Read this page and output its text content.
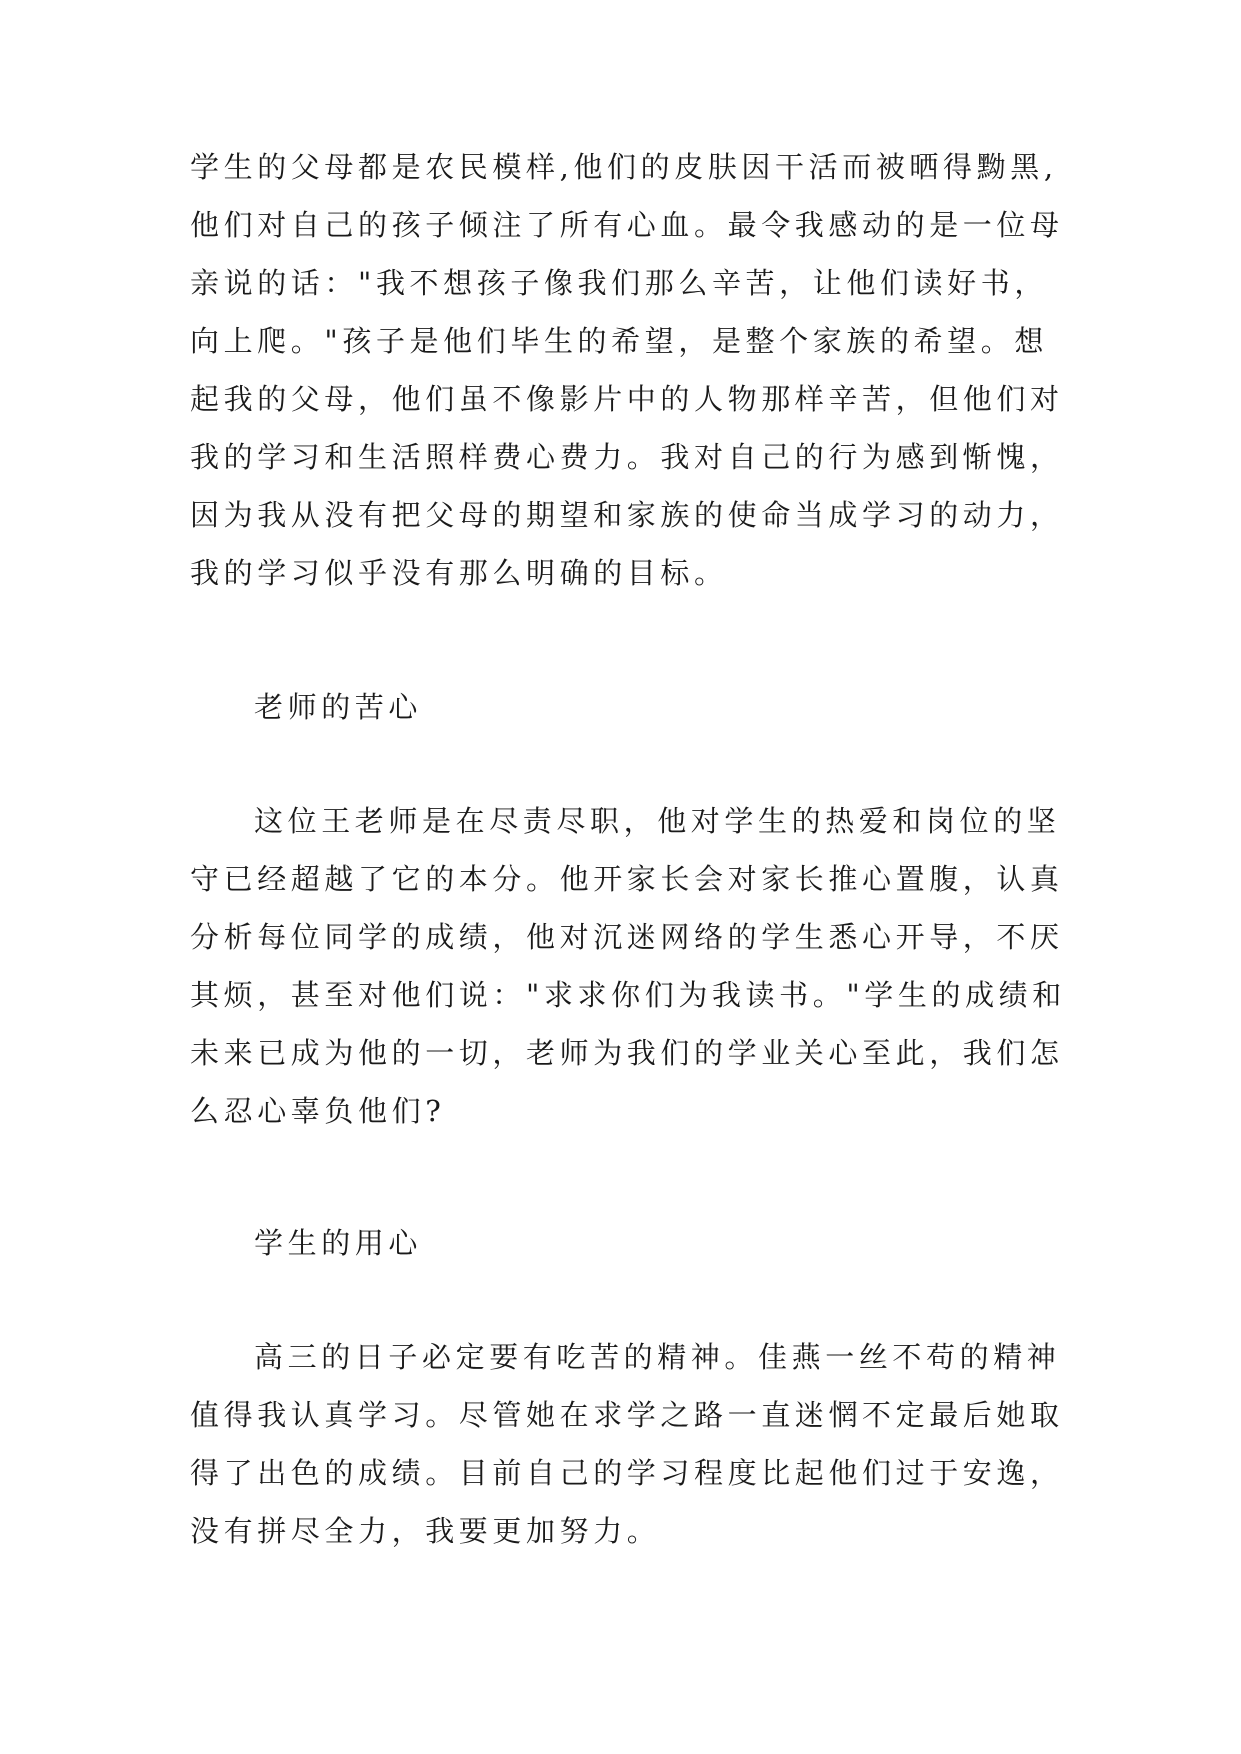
学生的父母都是农民模样,他们的皮肤因干活而被晒得黝黑,
他们对自己的孩子倾注了所有心血。最令我感动的是一位母
亲说的话："我不想孩子像我们那么辛苦，让他们读好书，
向上爬。"孩子是他们毕生的希望，是整个家族的希望。想
起我的父母，他们虽不像影片中的人物那样辛苦，但他们对
我的学习和生活照样费心费力。我对自己的行为感到惭愧，
因为我从没有把父母的期望和家族的使命当成学习的动力，
我的学习似乎没有那么明确的目标。
老师的苦心
这位王老师是在尽责尽职，他对学生的热爱和岗位的坚
守已经超越了它的本分。他开家长会对家长推心置腹，认真
分析每位同学的成绩，他对沉迷网络的学生悉心开导，不厌
其烦，甚至对他们说："求求你们为我读书。"学生的成绩和
未来已成为他的一切，老师为我们的学业关心至此，我们怎
么忍心辜负他们?
学生的用心
高三的日子必定要有吃苦的精神。佳燕一丝不苟的精神
值得我认真学习。尽管她在求学之路一直迷惘不定最后她取
得了出色的成绩。目前自己的学习程度比起他们过于安逸，
没有拼尽全力，我要更加努力。
